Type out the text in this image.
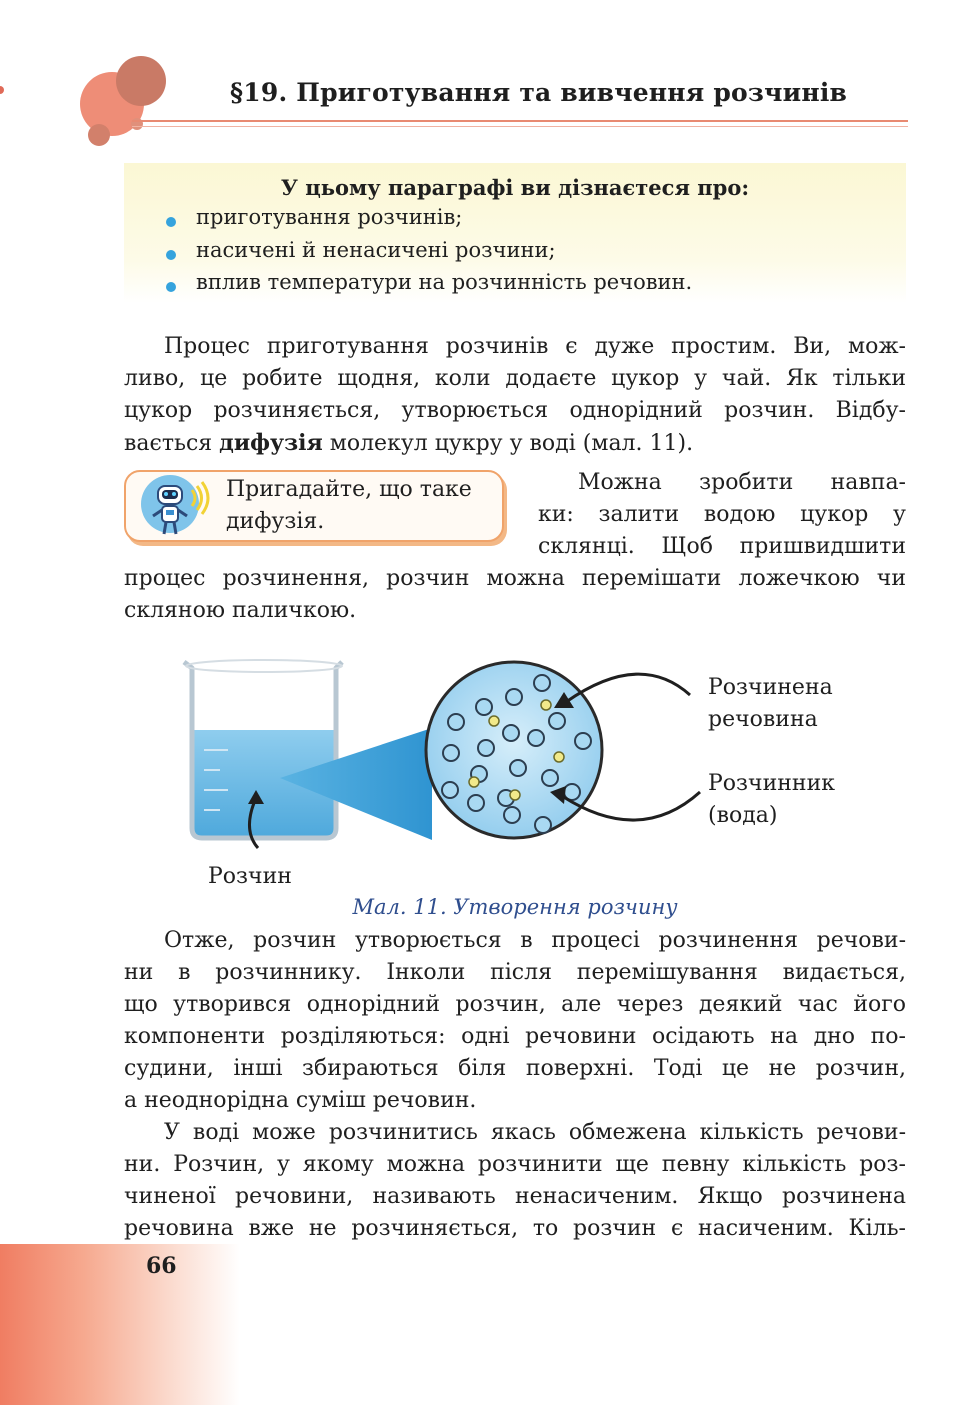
§19. Приготування та вивчення розчинів
У цьому параграфі ви дізнаєтеся про:
приготування розчинів;
насичені й ненасичені розчини;
вплив температури на розчинність речовин.
Процес приготування розчинів є дуже простим. Ви, мож-
ливо, це робите щодня, коли додаєте цукор у чай. Як тільки
цукор розчиняється, утворюється однорідний розчин. Відбу-
вається дифузія молекул цукру у воді (мал. 11).
Пригадайте, що таке
дифузія.
Можна зробити навпа-
ки: залити водою цукор у
склянці. Щоб пришвидшити
процес розчинення, розчин можна перемішати ложечкою чи
скляною паличкою.
Розчинена
речовина
Розчинник
(вода)
Розчин
Мал. 11. Утворення розчину
Отже, розчин утворюється в процесі розчинення речови-
ни в розчиннику. Інколи після перемішування видається,
що утворився однорідний розчин, але через деякий час його
компоненти розділяються: одні речовини осідають на дно по-
судини, інші збираються біля поверхні. Тоді це не розчин,
а неоднорідна суміш речовин.
У воді може розчинитись якась обмежена кількість речови-
ни. Розчин, у якому можна розчинити ще певну кількість роз-
чиненої речовини, називають ненасиченим. Якщо розчинена
речовина вже не розчиняється, то розчин є насиченим. Кіль-
66
